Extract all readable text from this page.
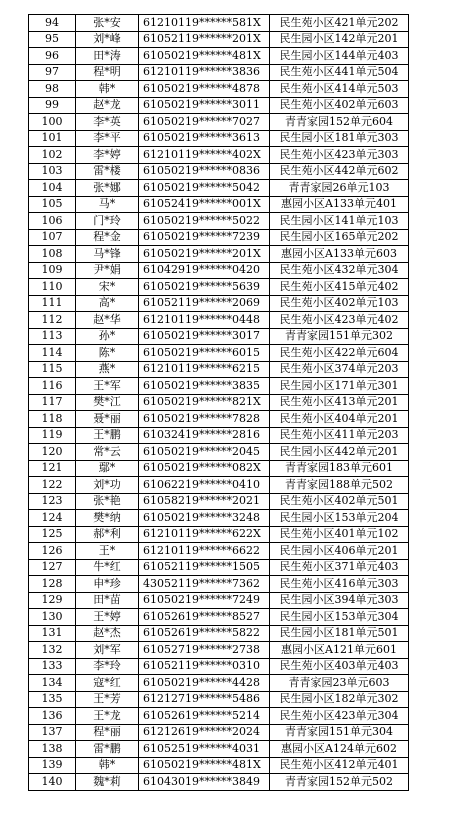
94	张*安	61210119******581X	民生苑小区421单元202
95	刘*峰	61052119******201X	民生园小区142单元201
96	田*涛	61050219******481X	民生园小区144单元403
97	程*明	61210119******3836	民生苑小区441单元504
98	韩*	61050219******4878	民生苑小区414单元503
99	赵*龙	61050219******3011	民生苑小区402单元603
100	李*英	61050219******7027	青青家园152单元604
101	李*平	61050219******3613	民生园小区181单元303
102	李*婷	61210119******402X	民生苑小区423单元303
103	雷*楼	61050219******0836	民生苑小区442单元602
104	张*娜	61050219******5042	青青家园26单元103
105	马*	61052419******001X	惠园小区A133单元401
106	门*玲	61050219******5022	民生园小区141单元103
107	程*金	61050219******7239	民生园小区165单元202
108	马*锋	61050219******201X	惠园小区A133单元603
109	尹*娟	61042919******0420	民生苑小区432单元304
110	宋*	61050219******5639	民生苑小区415单元402
111	高*	61052119******2069	民生苑小区402单元103
112	赵*华	61210119******0448	民生苑小区423单元402
113	孙*	61050219******3017	青青家园151单元302
114	陈*	61050219******6015	民生苑小区422单元604
115	燕*	61210119******6215	民生苑小区374单元203
116	王*军	61050219******3835	民生园小区171单元301
117	樊*江	61050219******821X	民生苑小区413单元201
118	聂*丽	61050219******7828	民生苑小区404单元201
119	王*鹏	61032419******2816	民生苑小区411单元203
120	常*云	61050219******2045	民生园小区442单元201
121	鄢*	61050219******082X	青青家园183单元601
122	刘*功	61062219******0410	青青家园188单元502
123	张*艳	61058219******2021	民生苑小区402单元501
124	樊*纳	61050219******3248	民生园小区153单元204
125	郝*利	61210119******622X	民生苑小区401单元102
126	王*	61210119******6622	民生园小区406单元201
127	牛*红	61052119******1505	民生苑小区371单元403
128	申*珍	43052119******7362	民生苑小区416单元303
129	田*苗	61050219******7249	民生园小区394单元303
130	王*婷	61052619******8527	民生园小区153单元304
131	赵*杰	61052619******5822	民生园小区181单元501
132	刘*军	61052719******2738	惠园小区A121单元601
133	李*玲	61052119******0310	民生苑小区403单元403
134	寇*红	61050219******4428	青青家园23单元603
135	王*芳	61212719******5486	民生园小区182单元302
136	王*龙	61052619******5214	民生苑小区423单元304
137	程*丽	61212619******2024	青青家园151单元304
138	雷*鹏	61052519******4031	惠园小区A124单元602
139	韩*	61050219******481X	民生苑小区412单元401
140	魏*莉	61043019******3849	青青家园152单元502
